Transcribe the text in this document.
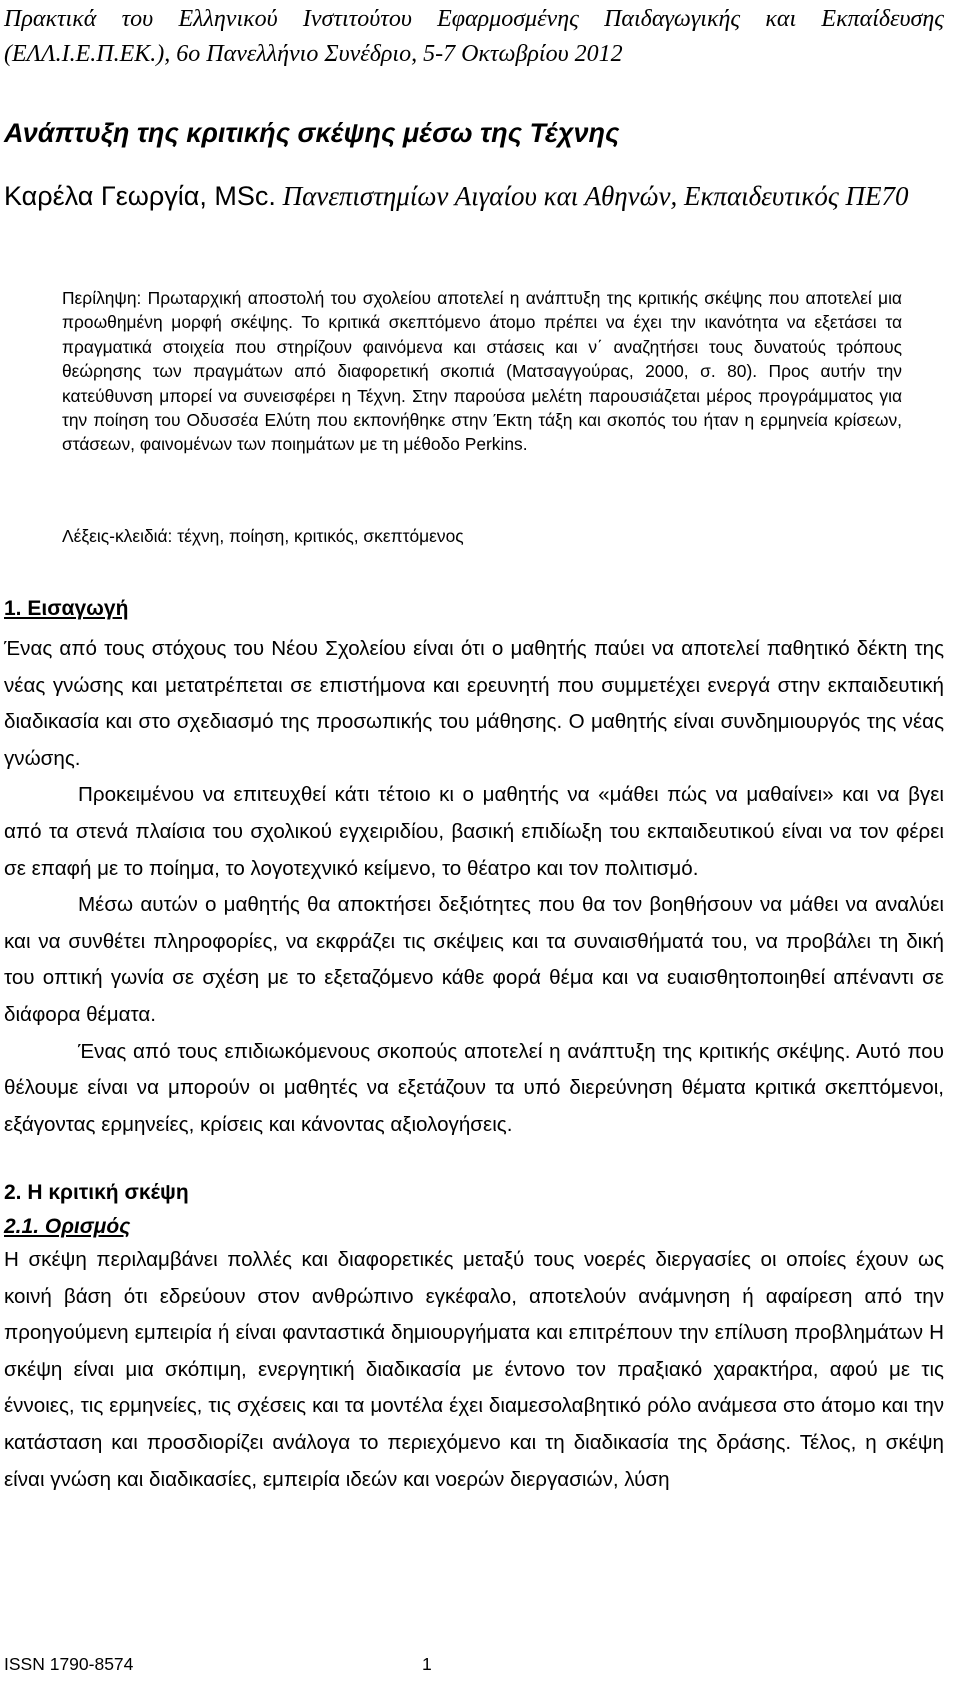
Πρακτικά του Ελληνικού Ινστιτούτου Εφαρμοσμένης Παιδαγωγικής και Εκπαίδευσης (ΕΛΛ.Ι.Ε.Π.ΕΚ.), 6ο Πανελλήνιο Συνέδριο, 5-7 Οκτωβρίου 2012
Ανάπτυξη της κριτικής σκέψης μέσω της Τέχνης
Καρέλα Γεωργία, MSc. Πανεπιστημίων Αιγαίου και Αθηνών, Εκπαιδευτικός ΠΕ70

Περίληψη: Πρωταρχική αποστολή του σχολείου αποτελεί η ανάπτυξη της κριτικής σκέψης που αποτελεί μια προωθημένη μορφή σκέψης. Το κριτικά σκεπτόμενο άτομο πρέπει να έχει την ικανότητα να εξετάσει τα πραγματικά στοιχεία που στηρίζουν φαινόμενα και στάσεις και ν΄ αναζητήσει τους δυνατούς τρόπους θεώρησης των πραγμάτων από διαφορετική σκοπιά (Ματσαγγούρας, 2000, σ. 80). Προς αυτήν την κατεύθυνση μπορεί να συνεισφέρει η Τέχνη. Στην παρούσα μελέτη παρουσιάζεται μέρος προγράμματος για την ποίηση του Οδυσσέα Ελύτη που εκπονήθηκε στην Έκτη τάξη και σκοπός του ήταν η ερμηνεία κρίσεων, στάσεων, φαινομένων των ποιημάτων με τη μέθοδο Perkins.

Λέξεις-κλειδιά: τέχνη, ποίηση, κριτικός, σκεπτόμενος
1. Εισαγωγή

Ένας από τους στόχους του Νέου Σχολείου είναι ότι ο μαθητής παύει να αποτελεί παθητικό δέκτη της νέας γνώσης και μετατρέπεται σε επιστήμονα και ερευνητή που συμμετέχει ενεργά στην εκπαιδευτική διαδικασία και στο σχεδιασμό της προσωπικής του μάθησης. Ο μαθητής είναι συνδημιουργός της νέας γνώσης.

Προκειμένου να επιτευχθεί κάτι τέτοιο κι ο μαθητής να «μάθει πώς να μαθαίνει» και να βγει από τα στενά πλαίσια του σχολικού εγχειριδίου, βασική επιδίωξη του εκπαιδευτικού είναι να τον φέρει σε επαφή με το ποίημα, το λογοτεχνικό κείμενο, το θέατρο και τον πολιτισμό.

Μέσω αυτών ο μαθητής θα αποκτήσει δεξιότητες που θα τον βοηθήσουν να μάθει να αναλύει και να συνθέτει πληροφορίες, να εκφράζει τις σκέψεις και τα συναισθήματά του, να προβάλει τη δική του οπτική γωνία σε σχέση με το εξεταζόμενο κάθε φορά θέμα και να ευαισθητοποιηθεί απέναντι σε διάφορα θέματα.

Ένας από τους επιδιωκόμενους σκοπούς αποτελεί η ανάπτυξη της κριτικής σκέψης. Αυτό που θέλουμε είναι να μπορούν οι μαθητές να εξετάζουν τα υπό διερεύνηση θέματα κριτικά σκεπτόμενοι, εξάγοντας ερμηνείες, κρίσεις και κάνοντας αξιολογήσεις.

2. Η κριτική σκέψη
2.1. Ορισμός

Η σκέψη περιλαμβάνει πολλές και διαφορετικές μεταξύ τους νοερές διεργασίες οι οποίες έχουν ως κοινή βάση ότι εδρεύουν στον ανθρώπινο εγκέφαλο, αποτελούν ανάμνηση ή αφαίρεση από την προηγούμενη εμπειρία ή είναι φανταστικά δημιουργήματα και επιτρέπουν την επίλυση προβλημάτων Η σκέψη είναι μια σκόπιμη, ενεργητική διαδικασία με έντονο τον πραξιακό χαρακτήρα, αφού με τις έννοιες, τις ερμηνείες, τις σχέσεις και τα μοντέλα έχει διαμεσολαβητικό ρόλο ανάμεσα στο άτομο και την κατάσταση και προσδιορίζει ανάλογα το περιεχόμενο και τη διαδικασία της δράσης. Τέλος, η σκέψη είναι γνώση και διαδικασίες, εμπειρία ιδεών και νοερών διεργασιών, λύση

ISSN 1790-8574	1
